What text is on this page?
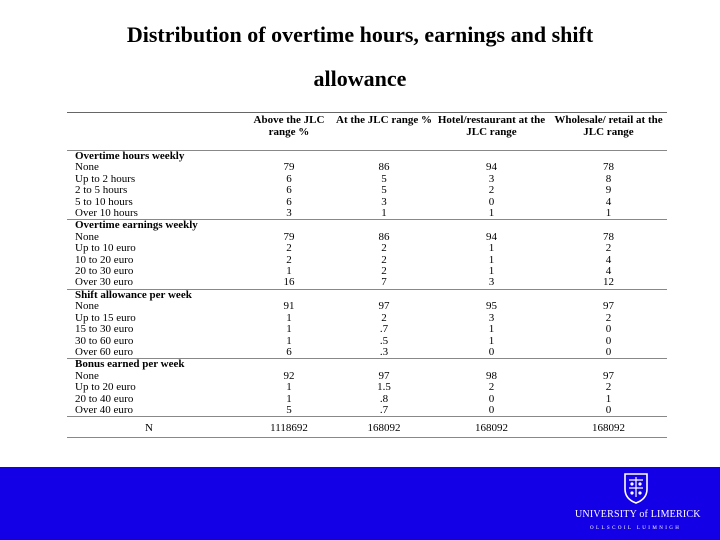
Distribution of overtime hours, earnings and shift
allowance
	Above the JLC range %	At the JLC range %	Hotel/restaurant at the JLC range	Wholesale/ retail at the JLC range
Overtime hours weekly				
None	79	86	94	78
Up to 2 hours	6	5	3	8
2 to 5 hours	6	5	2	9
5 to 10 hours	6	3	0	4
Over 10 hours	3	1	1	1
Overtime earnings weekly				
None	79	86	94	78
Up to 10 euro	2	2	1	2
10 to 20 euro	2	2	1	4
20 to 30 euro	1	2	1	4
Over 30 euro	16	7	3	12
Shift allowance per week				
None	91	97	95	97
Up to 15 euro	1	2	3	2
15 to 30 euro	1	.7	1	0
30 to 60 euro	1	.5	1	0
Over 60 euro	6	.3	0	0
Bonus earned per week				
None	92	97	98	97
Up to 20 euro	1	1.5	2	2
20 to 40 euro	1	.8	0	1
Over 40 euro	5	.7	0	0
N	1118692	168092	168092	168092
UNIVERSITY of LIMERICK
OLLSCOIL LUIMNIGH
